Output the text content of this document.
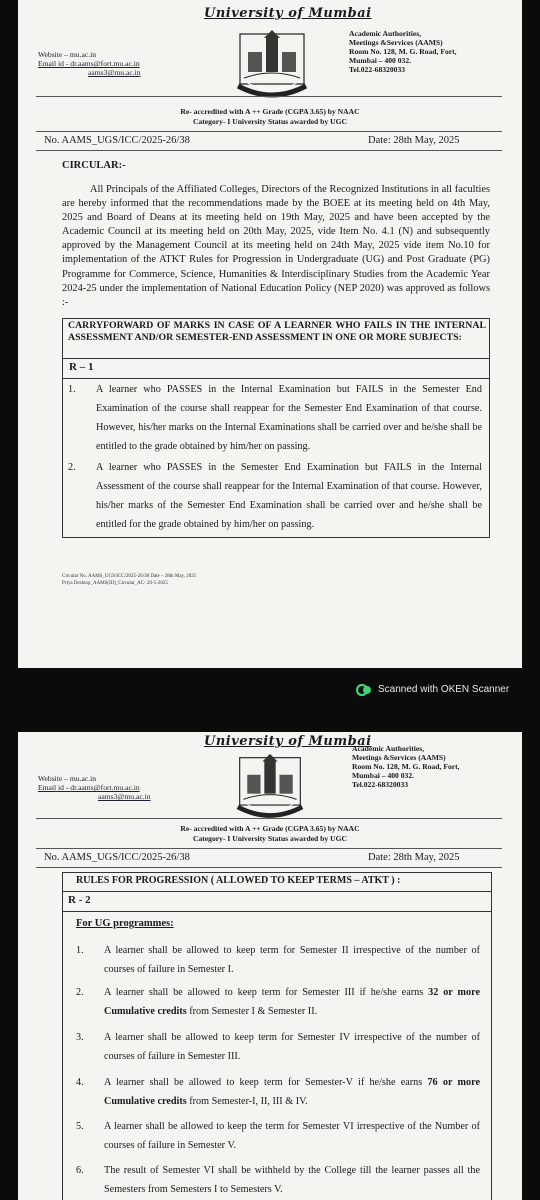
University of Mumbai
Website – mu.ac.in
Email id - dr.aams@fort.mu.ac.in
aams3@mu.ac.in
Academic Authorities,
Meetings &Services (AAMS)
Room No. 128, M. G. Road, Fort,
Mumbai – 400 032.
Tel.022-68320033
Re- accredited with A ++ Grade (CGPA 3.65) by NAAC
Category- I University Status awarded by UGC
No. AAMS_UGS/ICC/2025-26/38	Date: 28th May, 2025
CIRCULAR:-
All Principals of the Affiliated Colleges, Directors of the Recognized Institutions in all faculties are hereby informed that the recommendations made by the BOEE at its meeting held on 4th May, 2025 and Board of Deans at its meeting held on 19th May, 2025 and have been accepted by the Academic Council at its meeting held on 20th May, 2025, vide Item No. 4.1 (N) and subsequently approved by the Management Council at its meeting held on 24th May, 2025 vide item No.10 for implementation of the ATKT Rules for Progression in Undergraduate (UG) and Post Graduate (PG) Programme for Commerce, Science, Humanities & Interdisciplinary Studies from the Academic Year 2024-25 under the implementation of National Education Policy (NEP 2020) was approved as follows :-
CARRYFORWARD OF MARKS IN CASE OF A LEARNER WHO FAILS IN THE INTERNAL ASSESSMENT AND/OR SEMESTER-END ASSESSMENT IN ONE OR MORE SUBJECTS:
R – 1
1. A learner who PASSES in the Internal Examination but FAILS in the Semester End Examination of the course shall reappear for the Semester End Examination of that course. However, his/her marks on the Internal Examinations shall be carried over and he/she shall be entitled to the grade obtained by him/her on passing.
2. A learner who PASSES in the Semester End Examination but FAILS in the Internal Assessment of the course shall reappear for the Internal Examination of that course. However, his/her marks of the Semester End Examination shall be carried over and he/she shall be entitled for the grade obtained by him/her on passing.
Circular No. AAMS_UGS/ICC/2025-26/38 Date – 28th May, 2025
Priya Desktop_AAMS(III)_Circular_AC- 20-5-2025
Scanned with OKEN Scanner
University of Mumbai
Website – mu.ac.in
Email id - dr.aams@fort.mu.ac.in
aams3@mu.ac.in
Academic Authorities,
Meetings &Services (AAMS)
Room No. 128, M. G. Road, Fort,
Mumbai – 400 032.
Tel.022-68320033
Re- accredited with A ++ Grade (CGPA 3.65) by NAAC
Category- I University Status awarded by UGC
No. AAMS_UGS/ICC/2025-26/38	Date: 28th May, 2025
RULES FOR PROGRESSION ( ALLOWED TO KEEP TERMS – ATKT ) :
R - 2
For UG programmes:
1. A learner shall be allowed to keep term for Semester II irrespective of the number of courses of failure in Semester I.
2. A learner shall be allowed to keep term for Semester III if he/she earns 32 or more Cumulative credits from Semester I & Semester II.
3. A learner shall be allowed to keep term for Semester IV irrespective of the number of courses of failure in Semester III.
4. A learner shall be allowed to keep term for Semester-V if he/she earns 76 or more Cumulative credits from Semester-I, II, III & IV.
5. A learner shall be allowed to keep the term for Semester VI irrespective of the Number of courses of failure in Semester V.
6. The result of Semester VI shall be withheld by the College till the learner passes all the Semesters from Semesters I to Semesters V.
